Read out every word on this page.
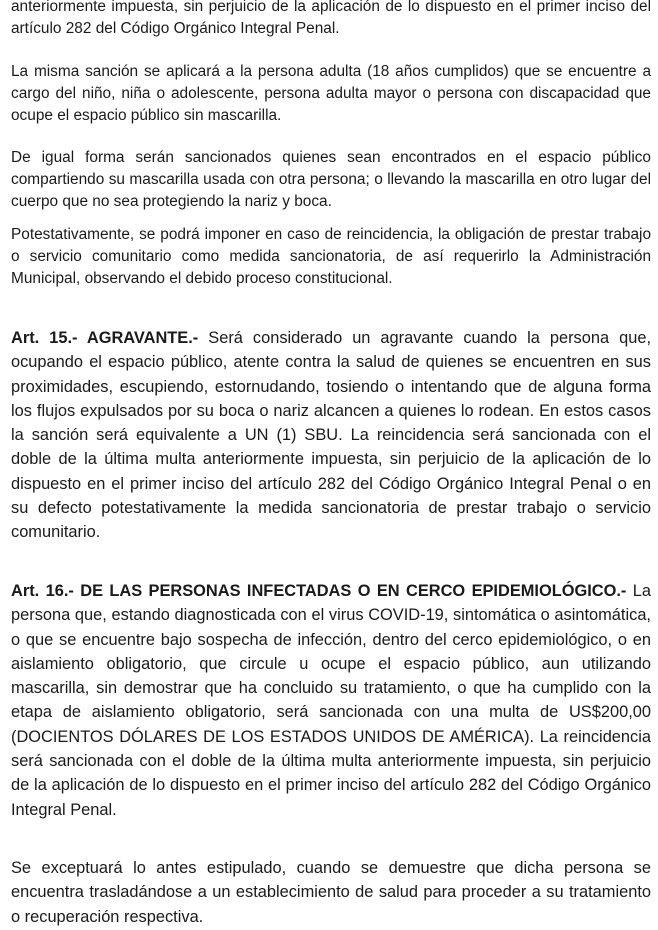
anteriormente impuesta, sin perjuicio de la aplicación de lo dispuesto en el primer inciso del artículo 282 del Código Orgánico Integral Penal.

La misma sanción se aplicará a la persona adulta (18 años cumplidos) que se encuentre a cargo del niño, niña o adolescente, persona adulta mayor o persona con discapacidad que ocupe el espacio público sin mascarilla.

De igual forma serán sancionados quienes sean encontrados en el espacio público compartiendo su mascarilla usada con otra persona; o llevando la mascarilla en otro lugar del cuerpo que no sea protegiendo la nariz y boca.

Potestativamente, se podrá imponer en caso de reincidencia, la obligación de prestar trabajo o servicio comunitario como medida sancionatoria, de así requerirlo la Administración Municipal, observando el debido proceso constitucional.

Art. 15.- AGRAVANTE.- Será considerado un agravante cuando la persona que, ocupando el espacio público, atente contra la salud de quienes se encuentren en sus proximidades, escupiendo, estornudando, tosiendo o intentando que de alguna forma los flujos expulsados por su boca o nariz alcancen a quienes lo rodean. En estos casos la sanción será equivalente a UN (1) SBU. La reincidencia será sancionada con el doble de la última multa anteriormente impuesta, sin perjuicio de la aplicación de lo dispuesto en el primer inciso del artículo 282 del Código Orgánico Integral Penal o en su defecto potestativamente la medida sancionatoria de prestar trabajo o servicio comunitario.

Art. 16.- DE LAS PERSONAS INFECTADAS O EN CERCO EPIDEMIOLÓGICO.- La persona que, estando diagnosticada con el virus COVID-19, sintomática o asintomática, o que se encuentre bajo sospecha de infección, dentro del cerco epidemiológico, o en aislamiento obligatorio, que circule u ocupe el espacio público, aun utilizando mascarilla, sin demostrar que ha concluido su tratamiento, o que ha cumplido con la etapa de aislamiento obligatorio, será sancionada con una multa de US$200,00 (DOCIENTOS DÓLARES DE LOS ESTADOS UNIDOS DE AMÉRICA). La reincidencia será sancionada con el doble de la última multa anteriormente impuesta, sin perjuicio de la aplicación de lo dispuesto en el primer inciso del artículo 282 del Código Orgánico Integral Penal.

Se exceptuará lo antes estipulado, cuando se demuestre que dicha persona se encuentra trasladándose a un establecimiento de salud para proceder a su tratamiento o recuperación respectiva.
